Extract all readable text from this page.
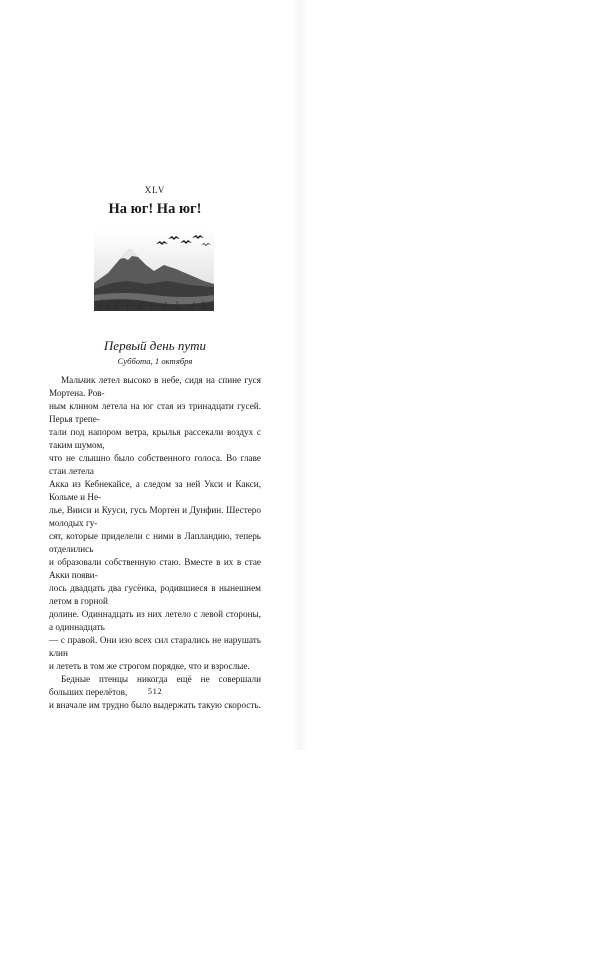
XLV
На юг! На юг!
Первый день пути
Суббота, 1 октября

Мальчик летел высоко в небе, сидя на спине гуся Мортена. Ров-

ным клином летела на юг стая из тринадцати гусей. Перья трепе-

тали под напором ветра, крылья рассекали воздух с таким шумом,

что не слышно было собственного голоса. Во главе стаи летела

Акка из Кебнекайсе, а следом за ней Укси и Какси, Кольме и Не-

лье, Вииси и Кууси, гусь Мортен и Дунфин. Шестеро молодых гу-

сят, которые приделели с ними в Лапландию, теперь отделились

и образовали собственную стаю. Вместе в их в стае Акки появи-

лось двадцать два гусёнка, родившиеся в нынешнем летом в горной

долине. Одиннадцать из них летело с левой стороны, а одиннадцать

— с правой. Они изо всех сил старались не нарушать клин

и лететь в том же строгом порядке, что и взрослые.

Бедные птенцы никогда ещё не совершали больших перелётов,

и вначале им трудно было выдержать такую скорость.

512
